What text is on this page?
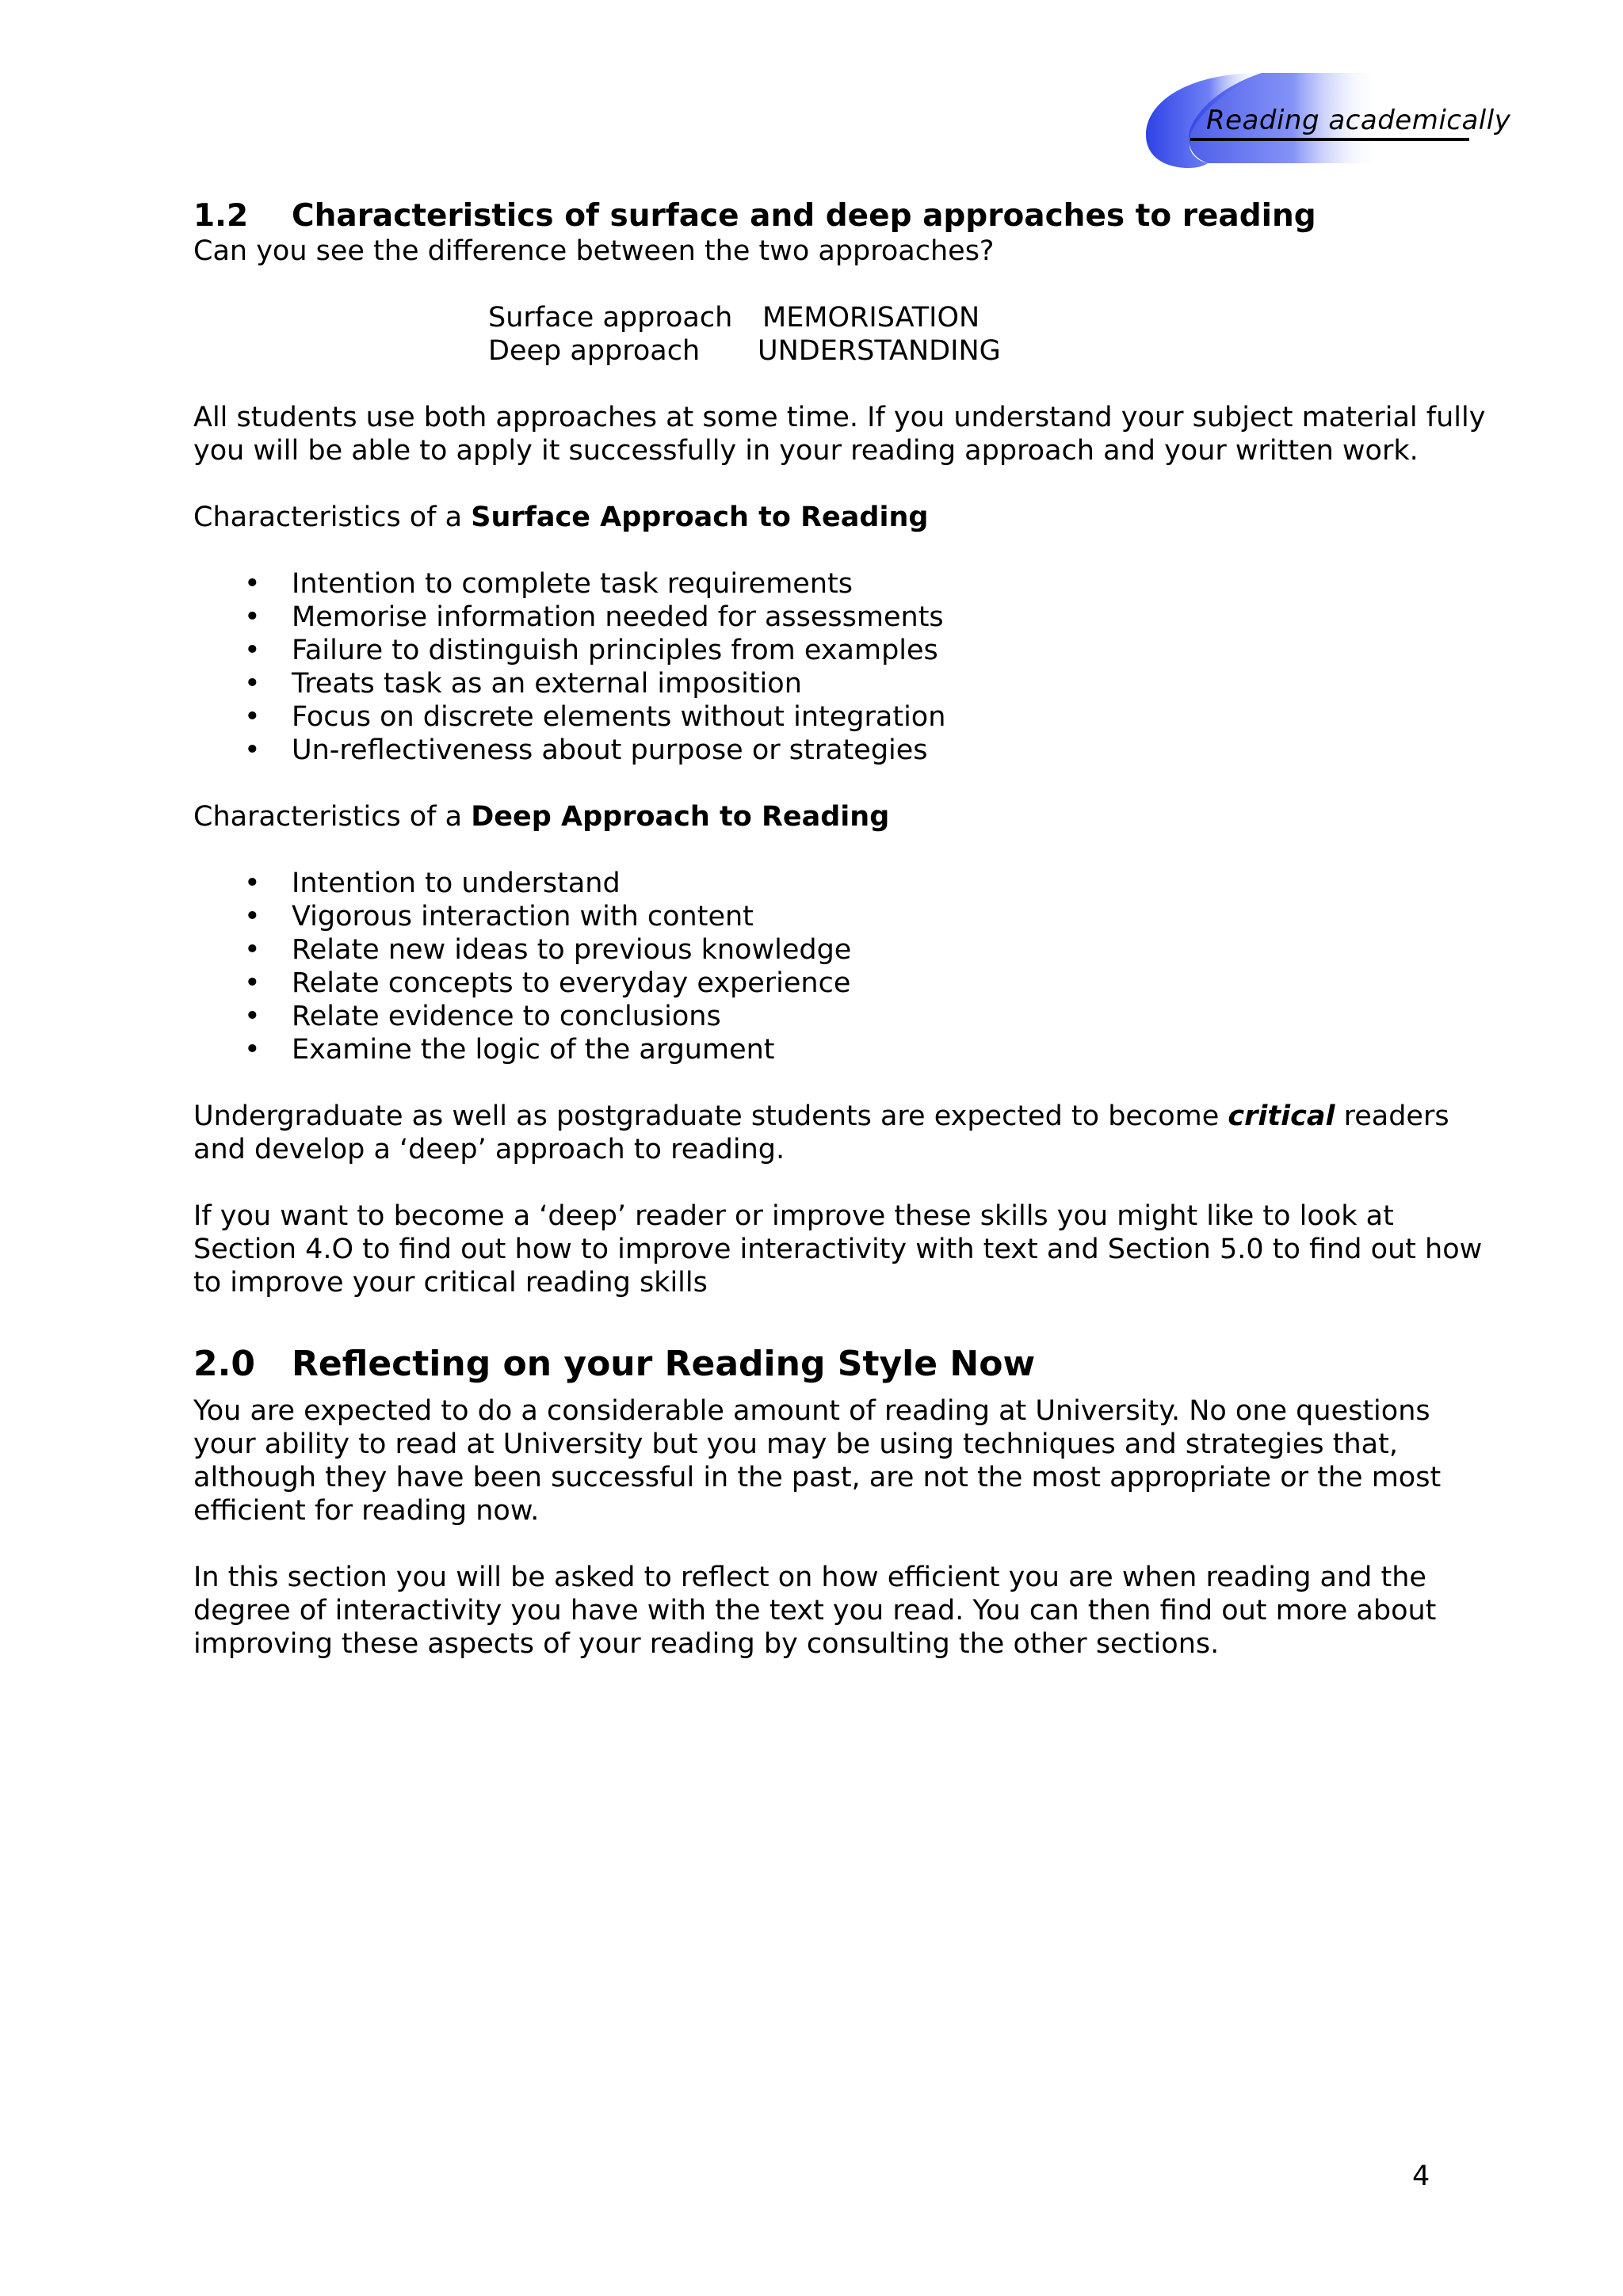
Reading academically
1.2	Characteristics of surface and deep approaches to reading

Can you see the difference between the two approaches?

Surface approach	MEMORISATION
Deep approach	UNDERSTANDING

All students use both approaches at some time. If you understand your subject material fully you will be able to apply it successfully in your reading approach and your written work.

Characteristics of a Surface Approach to Reading

• Intention to complete task requirements
• Memorise information needed for assessments
• Failure to distinguish principles from examples
• Treats task as an external imposition
• Focus on discrete elements without integration
• Un-reflectiveness about purpose or strategies

Characteristics of a Deep Approach to Reading

• Intention to understand
• Vigorous interaction with content
• Relate new ideas to previous knowledge
• Relate concepts to everyday experience
• Relate evidence to conclusions
• Examine the logic of the argument

Undergraduate as well as postgraduate students are expected to become critical readers and develop a ‘deep’ approach to reading.

If you want to become a ‘deep’ reader or improve these skills you might like to look at Section 4.O to find out how to improve interactivity with text and Section 5.0 to find out how to improve your critical reading skills

2.0	Reflecting on your Reading Style Now

You are expected to do a considerable amount of reading at University. No one questions your ability to read at University but you may be using techniques and strategies that, although they have been successful in the past, are not the most appropriate or the most efficient for reading now.

In this section you will be asked to reflect on how efficient you are when reading and the degree of interactivity you have with the text you read. You can then find out more about improving these aspects of your reading by consulting the other sections.

4
